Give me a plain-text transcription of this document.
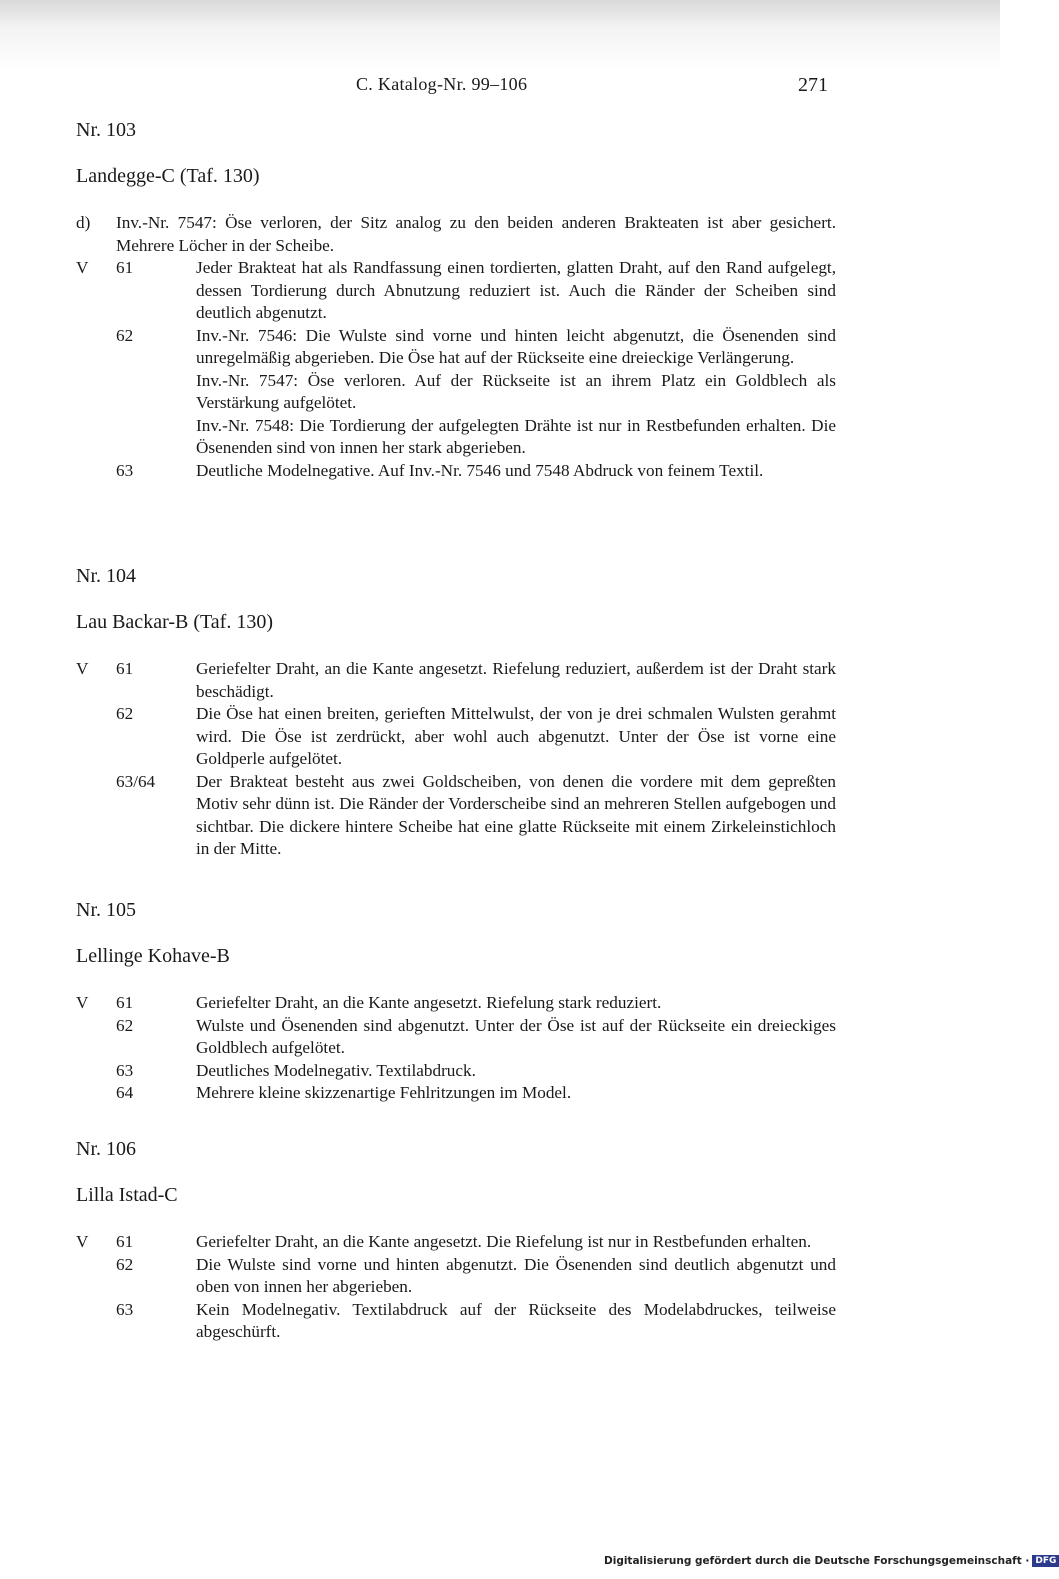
C. Katalog-Nr. 99–106	271
Nr. 103
Landegge-C (Taf. 130)
d) Inv.-Nr. 7547: Öse verloren, der Sitz analog zu den beiden anderen Brakteaten ist aber gesichert. Mehrere Löcher in der Scheibe.
V 61	Jeder Brakteat hat als Randfassung einen tordierten, glatten Draht, auf den Rand aufgelegt, dessen Tordierung durch Abnutzung reduziert ist. Auch die Ränder der Scheiben sind deutlich abgenutzt.
62	Inv.-Nr. 7546: Die Wulste sind vorne und hinten leicht abgenutzt, die Ösenenden sind unregelmäßig abgerieben. Die Öse hat auf der Rückseite eine dreieckige Verlängerung.
Inv.-Nr. 7547: Öse verloren. Auf der Rückseite ist an ihrem Platz ein Goldblech als Verstärkung aufgelötet.
Inv.-Nr. 7548: Die Tordierung der aufgelegten Drähte ist nur in Restbefunden erhalten. Die Ösenenden sind von innen her stark abgerieben.
63	Deutliche Modelnegative. Auf Inv.-Nr. 7546 und 7548 Abdruck von feinem Textil.
Nr. 104
Lau Backar-B (Taf. 130)
V 61	Geriefelter Draht, an die Kante angesetzt. Riefelung reduziert, außerdem ist der Draht stark beschädigt.
62	Die Öse hat einen breiten, gerieften Mittelwulst, der von je drei schmalen Wulsten gerahmt wird. Die Öse ist zerdrückt, aber wohl auch abgenutzt. Unter der Öse ist vorne eine Goldperle aufgelötet.
63/64 Der Brakteat besteht aus zwei Goldscheiben, von denen die vordere mit dem gepreßten Motiv sehr dünn ist. Die Ränder der Vorderscheibe sind an mehreren Stellen aufgebogen und sichtbar. Die dickere hintere Scheibe hat eine glatte Rückseite mit einem Zirkeleinstichloch in der Mitte.
Nr. 105
Lellinge Kohave-B
V 61	Geriefelter Draht, an die Kante angesetzt. Riefelung stark reduziert.
62	Wulste und Ösenenden sind abgenutzt. Unter der Öse ist auf der Rückseite ein dreieckiges Goldblech aufgelötet.
63	Deutliches Modelnegativ. Textilabdruck.
64	Mehrere kleine skizzenartige Fehlritzungen im Model.
Nr. 106
Lilla Istad-C
V 61	Geriefelter Draht, an die Kante angesetzt. Die Riefelung ist nur in Restbefunden erhalten.
62	Die Wulste sind vorne und hinten abgenutzt. Die Ösenenden sind deutlich abgenutzt und oben von innen her abgerieben.
63	Kein Modelnegativ. Textilabdruck auf der Rückseite des Modelabdruckes, teilweise abgeschürft.
Digitalisierung gefördert durch die Deutsche Forschungsgemeinschaft · DFG
